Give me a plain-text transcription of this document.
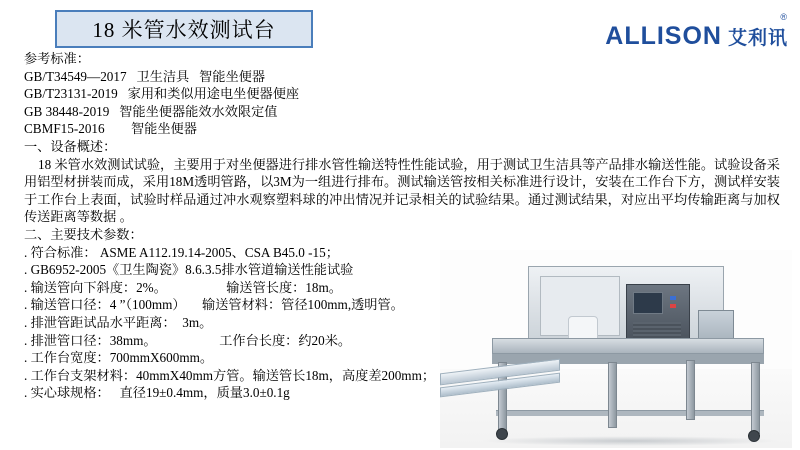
18 米管水效测试台	ALLISON 艾利讯
®
参考标准：
GB/T34549—2017   卫生洁具   智能坐便器
GB/T23131-2019   家用和类似用途电坐便器便座
GB 38448-2019   智能坐便器能效水效限定值
CBMF15-2016        智能坐便器
一、设备概述：
18 米管水效测试试验，主要用于对坐便器进行排水管性输送特性性能试验，用于测试卫生洁具等产品排水输送性能。试验设备采用铝型材拼装而成，采用18M透明管路，以3M为一组进行排布。测试输送管按相关标准进行设计，安装在工作台下方，测试样安装于工作台上表面，试验时样品通过冲水观察塑料球的冲出情况并记录相关的试验结果。通过测试结果，对应出平均传输距离与加权传送距离等数据 。
二、主要技术参数：
. 符合标准： ASME A112.19.14-2005、CSA B45.0 -15；
. GB6952-2005《卫生陶瓷》8.6.3.5排水管道输送性能试验
. 输送管向下斜度：2%。                  输送管长度：18m。
. 输送管口径：4 ”（100mm）     输送管材料：管径100mm,透明管。
. 排泄管距试品水平距离：  3m。
. 排泄管口径：38mm。                   工作台长度：约20米。
. 工作台宽度：700mmX600mm。
. 工作台支架材料：40mmX40mm方管。输送管长18m，高度差200mm；
. 实心球规格：   直径19±0.4mm，质量3.0±0.1g
